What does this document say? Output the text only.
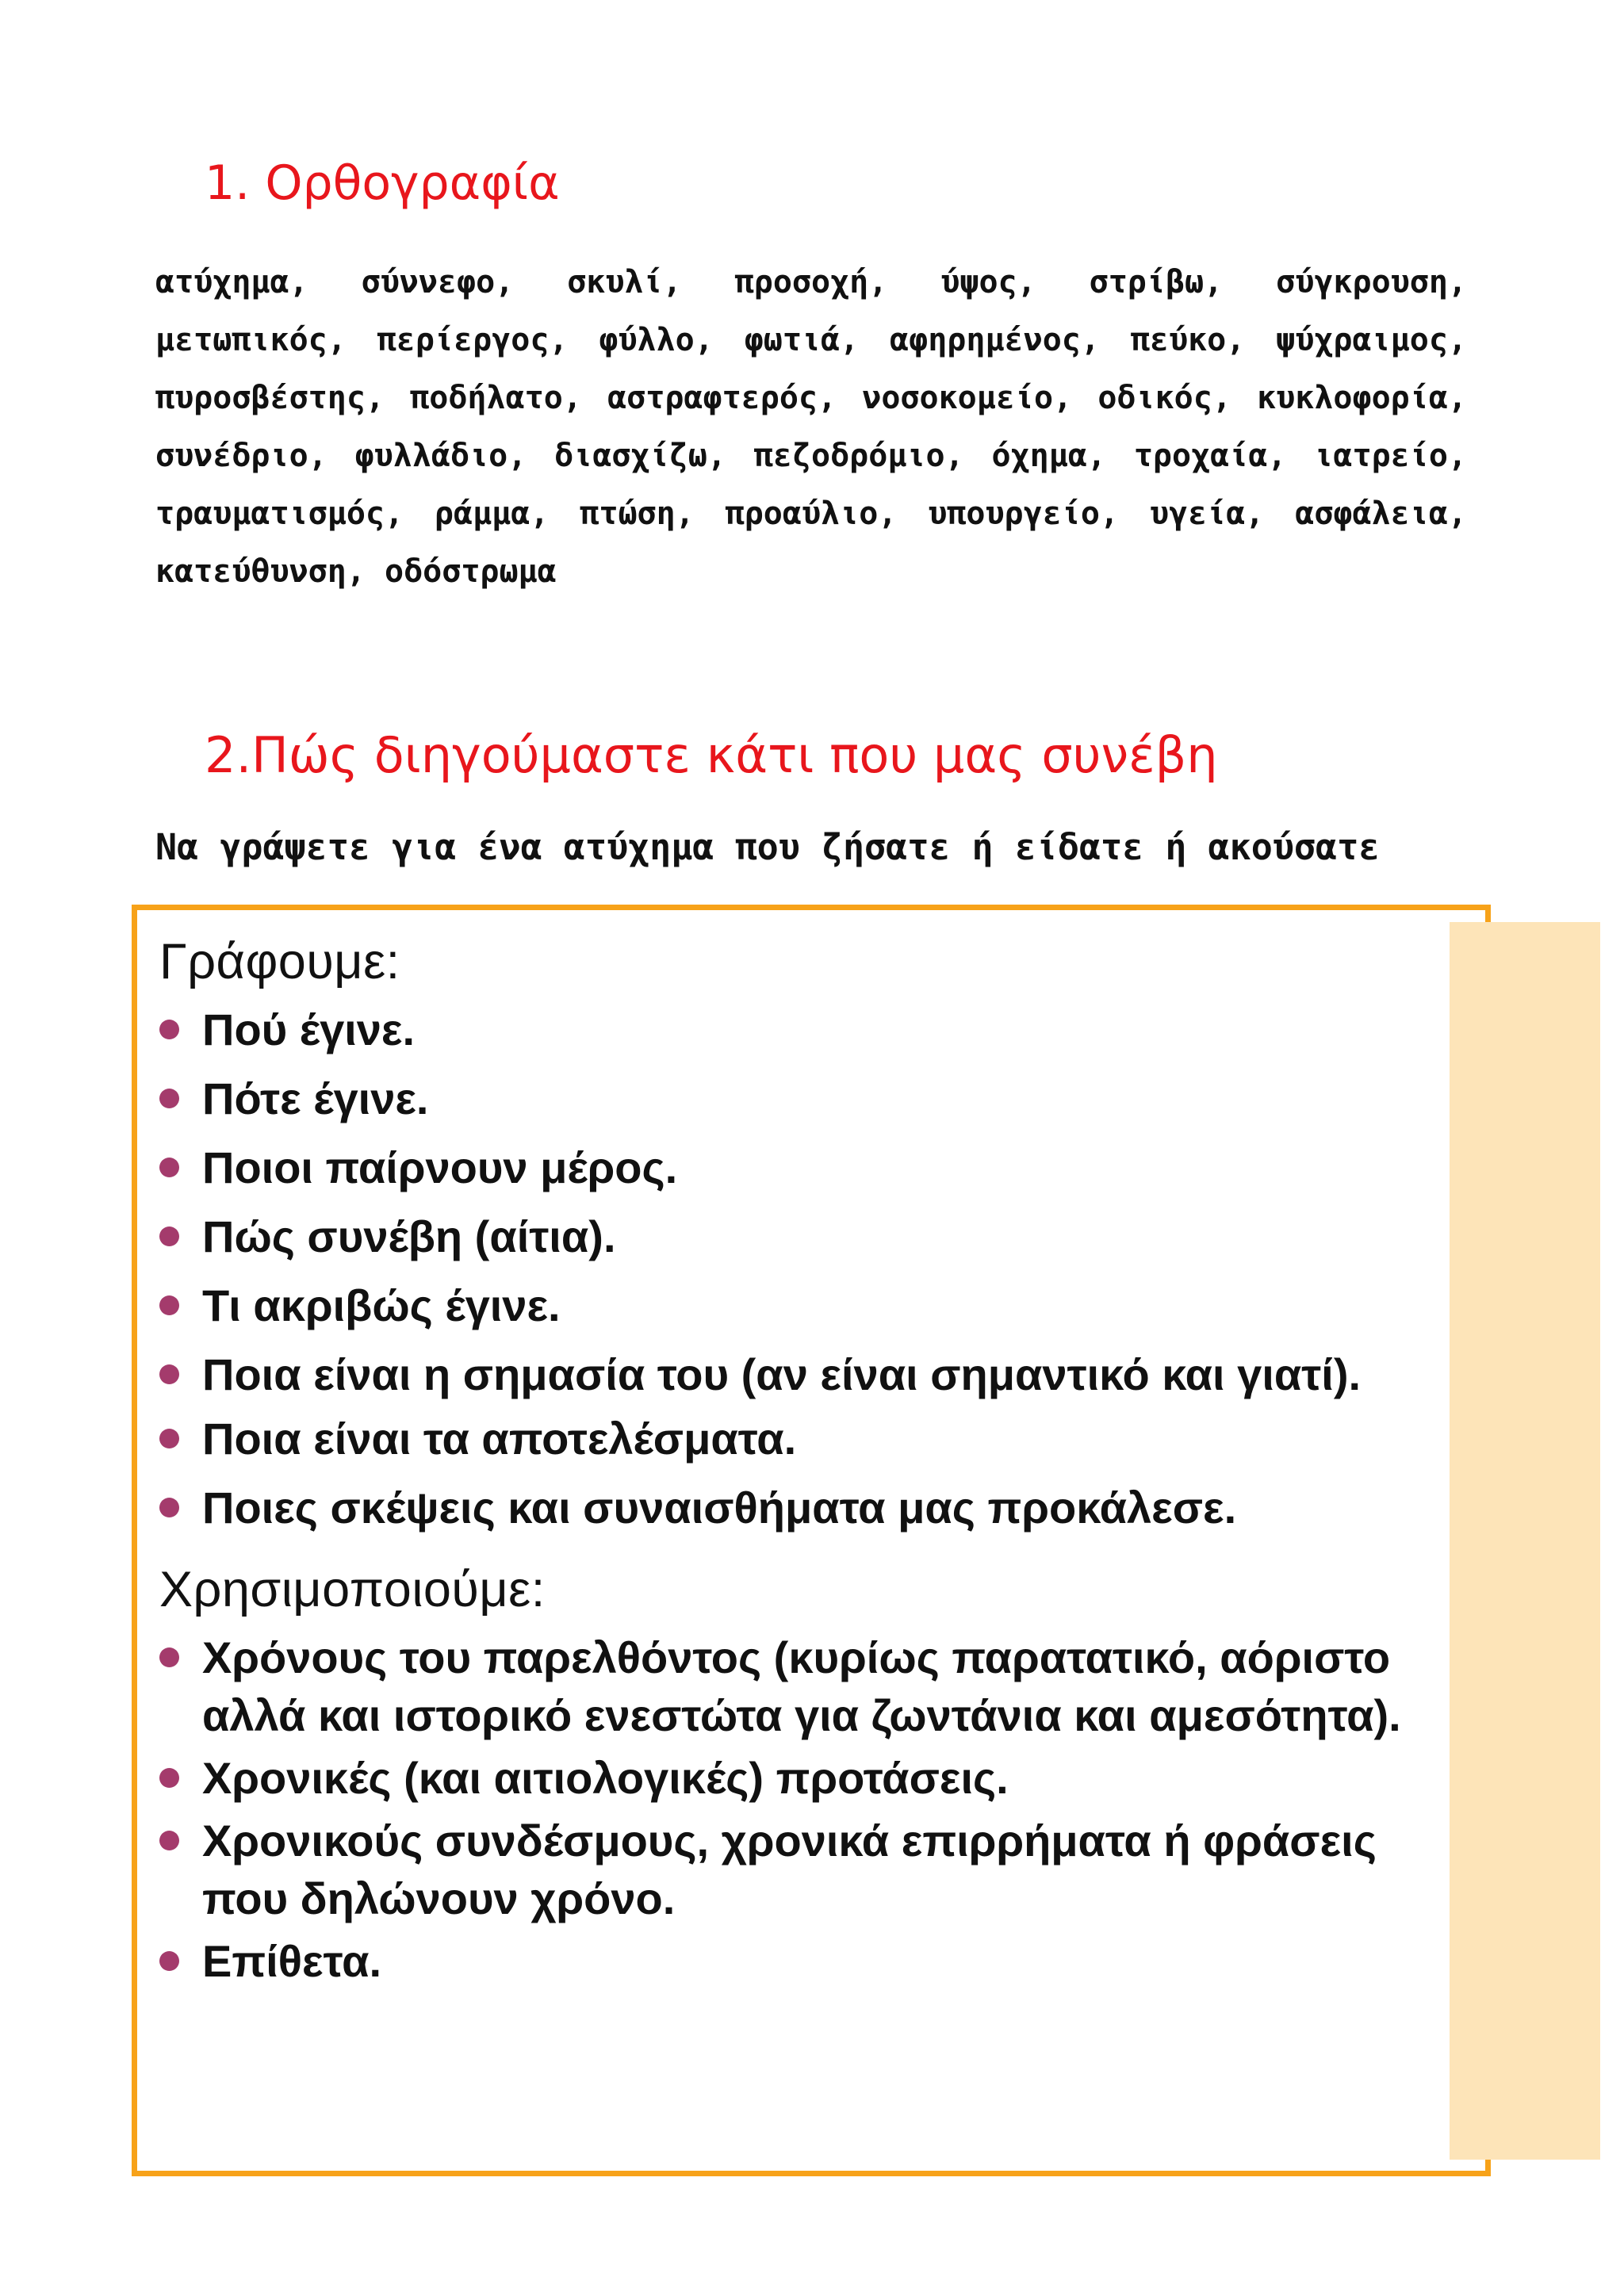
1. Ορθογραφία
ατύχημα, σύννεφο, σκυλί, προσοχή, ύψος, στρίβω, σύγκρουση, μετωπικός, περίεργος, φύλλο, φωτιά, αφηρημένος, πεύκο, ψύχραιμος, πυροσβέστης, ποδήλατο, αστραφτερός, νοσοκομείο, οδικός, κυκλοφορία, συνέδριο, φυλλάδιο, διασχίζω, πεζοδρόμιο, όχημα, τροχαία, ιατρείο, τραυματισμός, ράμμα, πτώση, προαύλιο, υπουργείο, υγεία, ασφάλεια, κατεύθυνση, οδόστρωμα
2.Πώς διηγούμαστε κάτι που μας συνέβη
Να γράψετε για ένα ατύχημα που ζήσατε ή είδατε ή ακούσατε
Γράφουμε:
Πού έγινε.
Πότε έγινε.
Ποιοι παίρνουν μέρος.
Πώς συνέβη (αίτια).
Τι ακριβώς έγινε.
Ποια είναι η σημασία του (αν είναι σημαντικό και γιατί).
Ποια είναι τα αποτελέσματα.
Ποιες σκέψεις και συναισθήματα μας προκάλεσε.
Χρησιμοποιούμε:
Χρόνους του παρελθόντος (κυρίως παρατατικό, αόριστο αλλά και ιστορικό ενεστώτα για ζωντάνια και αμεσότητα).
Χρονικές (και αιτιολογικές) προτάσεις.
Χρονικούς συνδέσμους, χρονικά επιρρήματα ή φράσεις που δηλώνουν χρόνο.
Επίθετα.
